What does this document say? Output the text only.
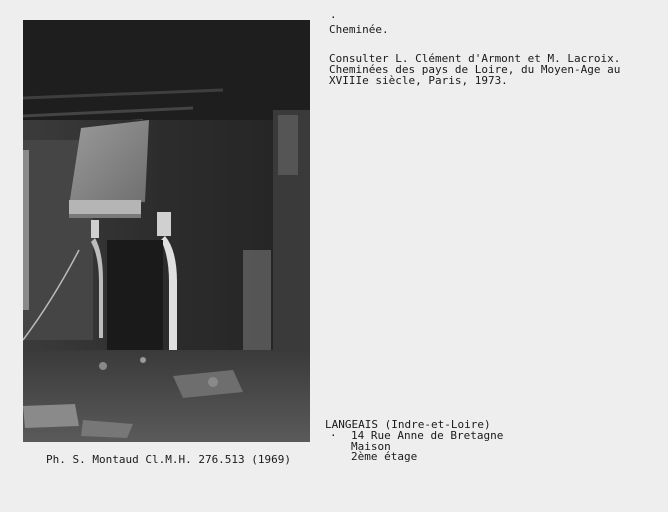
·
Cheminée.
Consulter L. Clément d'Armont et M. Lacroix.
Cheminées des pays de Loire, du Moyen-Age au
XVIIIe siècle, Paris, 1973.
LANGEAIS (Indre-et-Loire)
· 14 Rue Anne de Bretagne
Maison
2ème étage
Ph. S. Montaud Cl.M.H. 276.513 (1969)
